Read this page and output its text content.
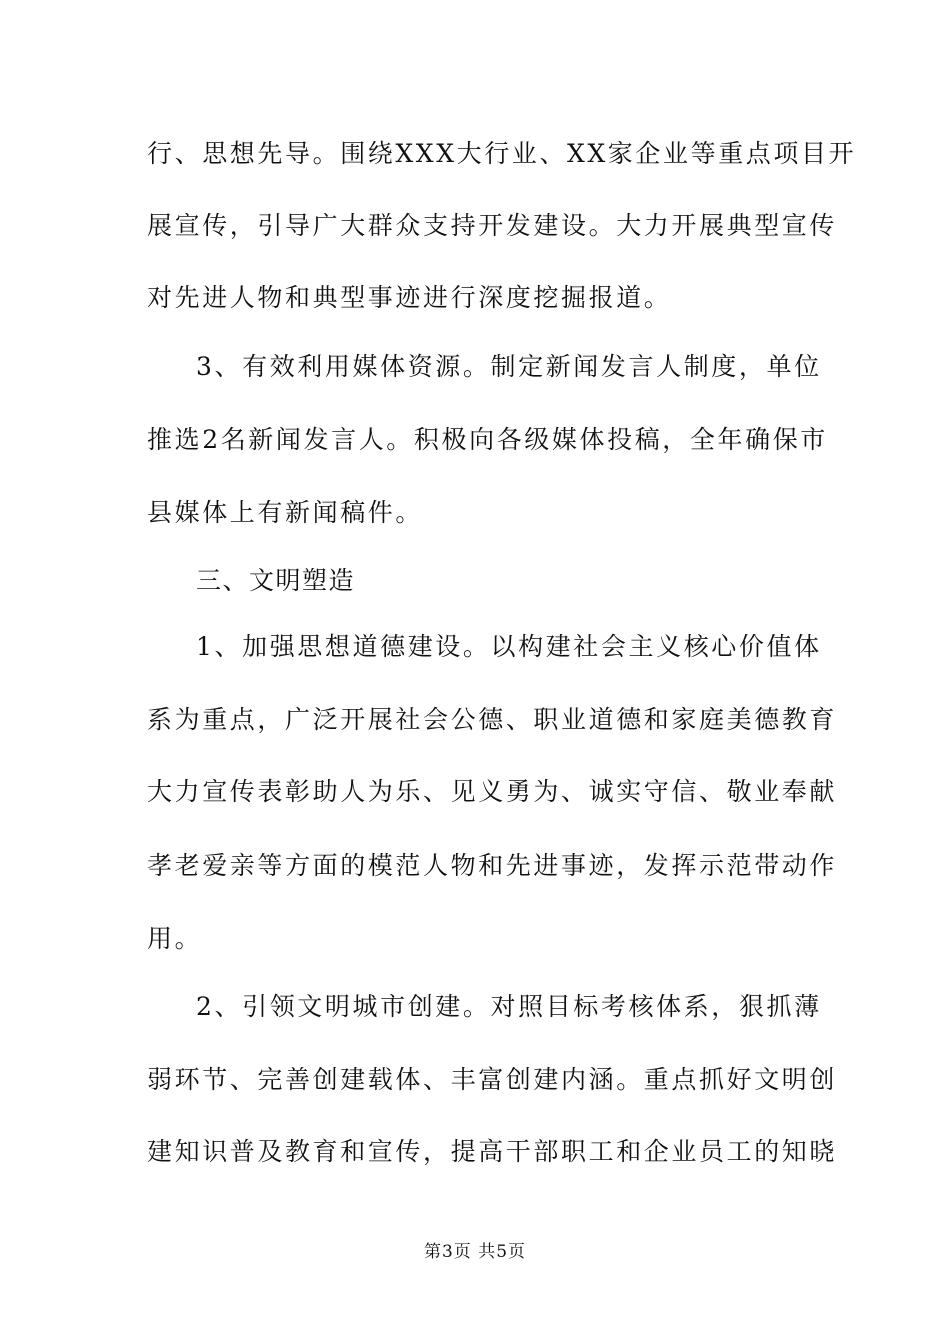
行、思想先导。围绕XXX大行业、XX家企业等重点项目开
展宣传，引导广大群众支持开发建设。大力开展典型宣传
对先进人物和典型事迹进行深度挖掘报道。
3、有效利用媒体资源。制定新闻发言人制度，单位
推选2名新闻发言人。积极向各级媒体投稿，全年确保市
县媒体上有新闻稿件。
三、文明塑造
1、加强思想道德建设。以构建社会主义核心价值体
系为重点，广泛开展社会公德、职业道德和家庭美德教育
大力宣传表彰助人为乐、见义勇为、诚实守信、敬业奉献
孝老爱亲等方面的模范人物和先进事迹，发挥示范带动作
用。
2、引领文明城市创建。对照目标考核体系，狠抓薄
弱环节、完善创建载体、丰富创建内涵。重点抓好文明创
建知识普及教育和宣传，提高干部职工和企业员工的知晓
第3页 共5页
